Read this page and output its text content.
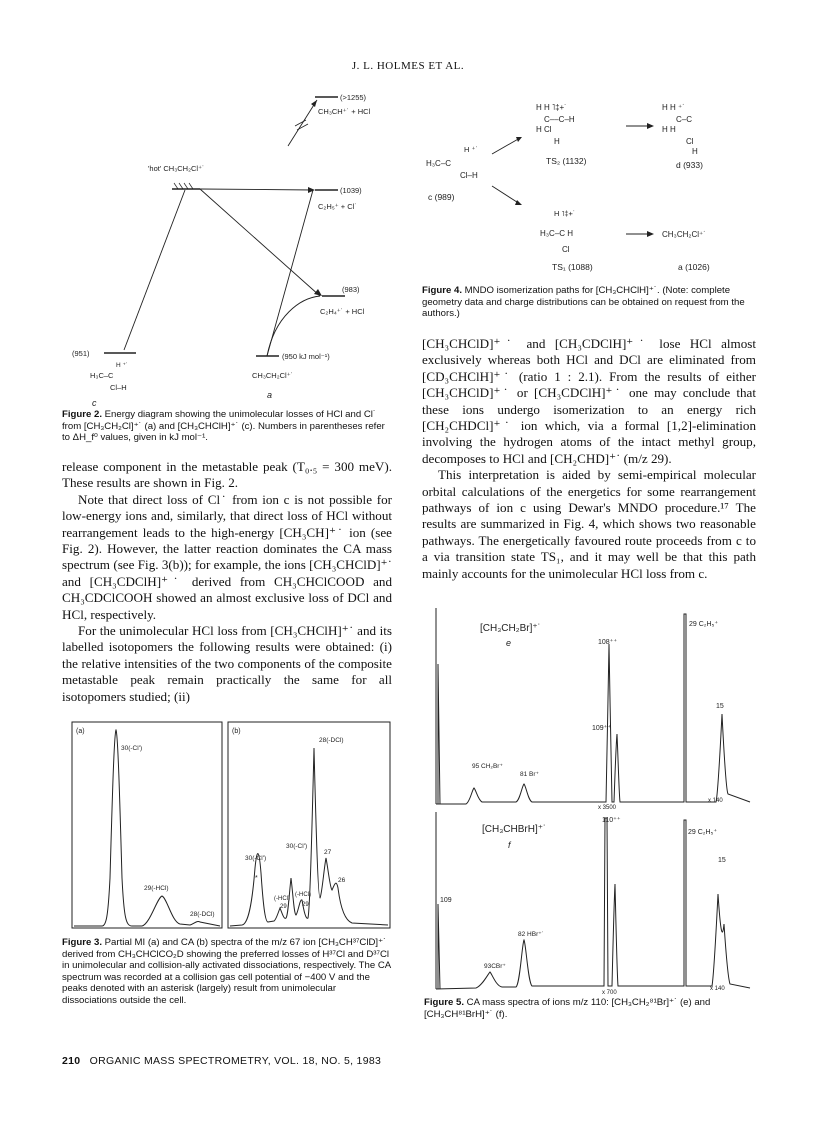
J. L. HOLMES ET AL.
(>1255)
CH₃CH⁺˙ + HCl
'hot' CH₃CH₂Cl⁺˙
(1039)
C₂H₅⁺ + Cl˙
(983)
C₂H₄⁺˙ + HCl
(951)
H₃C–C
H ⁺˙
Cl–H
c
(950 kJ mol⁻¹)
CH₃CH₂Cl⁺˙
a
Figure 2. Energy diagram showing the unimolecular losses of HCl and Cl˙ from [CH₃CH₂Cl]⁺˙ (a) and [CH₃CHClH]⁺˙ (c). Numbers in parentheses refer to ΔH_f⁰ values, given in kJ mol⁻¹.

release component in the metastable peak (T₀.₅ = 300 meV). These results are shown in Fig. 2.

Note that direct loss of Cl˙ from ion c is not possible for low-energy ions and, similarly, that direct loss of HCl without rearrangement leads to the high-energy [CH₃CH]⁺˙ ion (see Fig. 2). However, the latter reaction dominates the CA mass spectrum (see Fig. 3(b)); for example, the ions [CH₃CHClD]⁺˙ and [CH₃CDClH]⁺˙ derived from CH₃CHClCOOD and CH₃CDClCOOH showed an almost exclusive loss of DCl and HCl, respectively.

For the unimolecular HCl loss from [CH₃CHClH]⁺˙ and its labelled isotopomers the following results were obtained: (i) the relative intensities of the two components of the composite metastable peak remain practically the same for all isotopomers studied; (ii)

(a)	(b)
30(-Cl')
29(-HCl)
28(-DCl)
28(-DCl)
30(-Cl')
30(-Cl')
(-HCl)
(-HCl)
29	29
27
26
*
Figure 3. Partial MI (a) and CA (b) spectra of the m/z 67 ion [CH₃CH³⁷ClD]⁺˙ derived from CH₃CHClCO₂D showing the preferred losses of H³⁷Cl and D³⁷Cl in unimolecular and collision-ally activated dissociations, respectively. The CA spectrum was recorded at a collision gas cell potential of −400 V and the peaks denoted with an asterisk (largely) result from unimolecular dissociations outside the cell.
H H ˥‡+˙
C––C–H
H Cl
H
TS₂ (1132)
H H ⁺˙
C–C
H H
Cl
H
d (933)
H ⁺˙
H₃C–C
Cl–H
c (989)
H ˥‡+˙
H₃C–C H
Cl
TS₁ (1088)
CH₃CH₂Cl⁺˙
a (1026)
Figure 4. MNDO isomerization paths for [CH₃CHClH]⁺˙. (Note: complete geometry data and charge distributions can be obtained on request from the authors.)

[CH₃CHClD]⁺˙ and [CH₃CDClH]⁺˙ lose HCl almost exclusively whereas both HCl and DCl are eliminated from [CD₃CHClH]⁺˙ (ratio 1 : 2.1). From the results of either [CH₃CHClD]⁺˙ or [CH₃CDClH]⁺˙ one may conclude that these ions undergo isomerization to an energy rich [CH₂CHDCl]⁺˙ ion which, via a formal [1,2]-elimination involving the hydrogen atoms of the intact methyl group, decomposes to HCl and [CH₂CHD]⁺˙ (m/z 29).

This interpretation is aided by semi-empirical molecular orbital calculations of the energetics for some rearrangement pathways of ion c using Dewar's MNDO procedure.¹⁷ The results are summarized in Fig. 4, which shows two reasonable pathways. The energetically favoured route proceeds from c to a via transition state TS₁, and it may well be that this path mainly accounts for the unimolecular HCl loss from c.

[CH₃CH₂Br]⁺˙
e	108⁺⁺
109⁺⁺
95 CH₂Br⁺
81 Br⁺
x 3500
29 C₂H₅⁺
15
x 140
[CH₃CHBrH]⁺˙
f
110⁺⁺
109
93CBr⁺
82 HBr⁺˙
x 700
29 C₂H₅⁺
15
x 140
Figure 5. CA mass spectra of ions m/z 110: [CH₃CH₂⁸¹Br]⁺˙ (e) and [CH₃CH⁸¹BrH]⁺˙ (f).
210 ORGANIC MASS SPECTROMETRY, VOL. 18, NO. 5, 1983
